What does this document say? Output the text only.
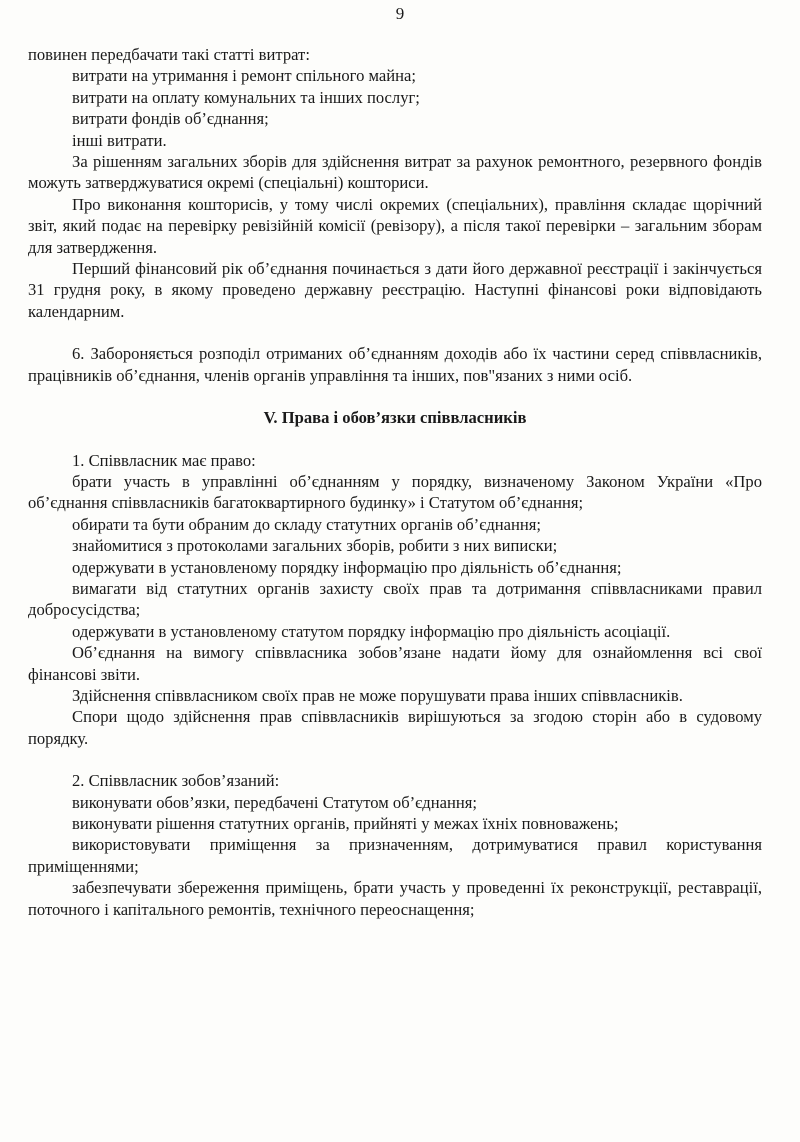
9

повинен передбачати такі статті витрат:

витрати на утримання і ремонт спільного майна;

витрати на оплату комунальних та інших послуг;

витрати фондів об’єднання;

інші витрати.

За рішенням загальних зборів для здійснення витрат за рахунок ремонтного, резервного фондів можуть затверджуватися окремі (спеціальні) кошториси.

Про виконання кошторисів, у тому числі окремих (спеціальних), правління складає щорічний звіт, який подає на перевірку ревізійній комісії (ревізору), а після такої перевірки – загальним зборам для затвердження.

Перший фінансовий рік об’єднання починається з дати його державної реєстрації і закінчується 31 грудня року, в якому проведено державну реєстрацію. Наступні фінансові роки відповідають календарним.

6. Забороняється розподіл отриманих об’єднанням доходів або їх частини серед співвласників, працівників об’єднання, членів органів управління та інших, пов"язаних з ними осіб.

V. Права і обов’язки співвласників

1. Співвласник має право:

брати участь в управлінні об’єднанням у порядку, визначеному Законом України «Про об’єднання співвласників багатоквартирного будинку» і Статутом об’єднання;

обирати та бути обраним до складу статутних органів об’єднання;

знайомитися з протоколами загальних зборів, робити з них виписки;

одержувати в установленому порядку інформацію про діяльність об’єднання;

вимагати від статутних органів захисту своїх прав та дотримання співвласниками правил добросусідства;

одержувати в установленому статутом порядку інформацію про діяльність асоціації.

Об’єднання на вимогу співвласника зобов’язане надати йому для ознайомлення всі свої фінансові звіти.

Здійснення співвласником своїх прав не може порушувати права інших співвласників.

Спори щодо здійснення прав співвласників вирішуються за згодою сторін або в судовому порядку.

2. Співвласник зобов’язаний:

виконувати обов’язки, передбачені Статутом об’єднання;

виконувати рішення статутних органів, прийняті у межах їхніх повноважень;

використовувати приміщення за призначенням, дотримуватися правил користування приміщеннями;

забезпечувати збереження приміщень, брати участь у проведенні їх реконструкції, реставрації, поточного і капітального ремонтів, технічного переоснащення;
